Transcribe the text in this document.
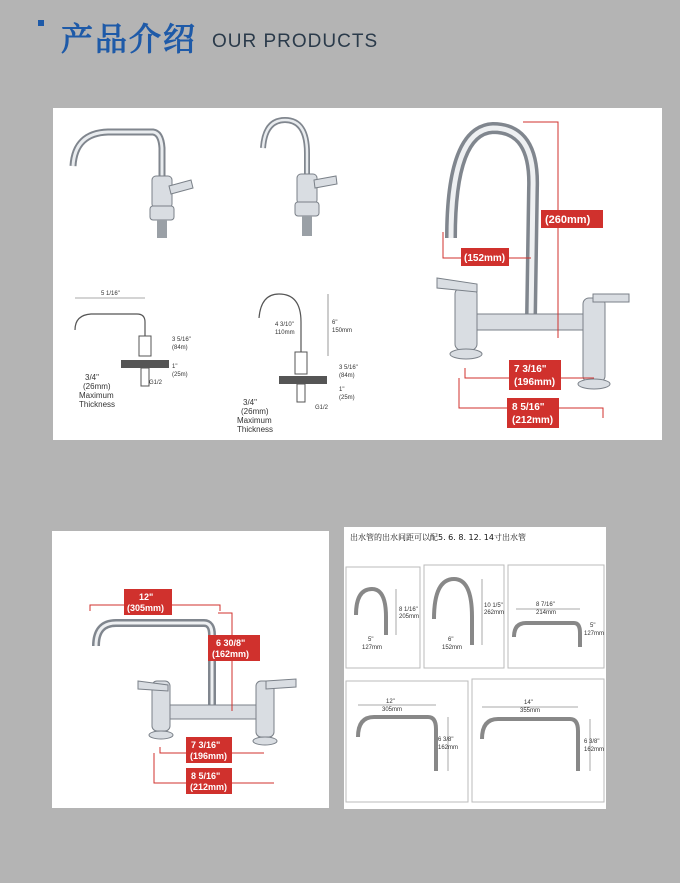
产品介绍 OUR PRODUCTS
5 1/16"
3 5/16"
(84m)
1"
(25m)
G1/2
3/4"
(26mm)
Maximum
Thickness
4 3/10"
110mm
6"
150mm
3 5/16"
(84m)
1"
(25m)
G1/2
3/4"
(26mm)
Maximum
Thickness
(260mm)
(152mm)
7 3/16"
(196mm)
8 5/16"
(212mm)
12"
(305mm)
6 30/8"
(162mm)
7 3/16"
(196mm)
8 5/16"
(212mm)
出水管的出水间距可以配5. 6. 8. 12. 14寸出水管
8 1/16"
205mm
5"
127mm
10 1/5"
262mm
6"
152mm
8 7/16"
214mm
5"
127mm
12"
305mm
6 3/8"
162mm
14"
355mm
6 3/8"
162mm
